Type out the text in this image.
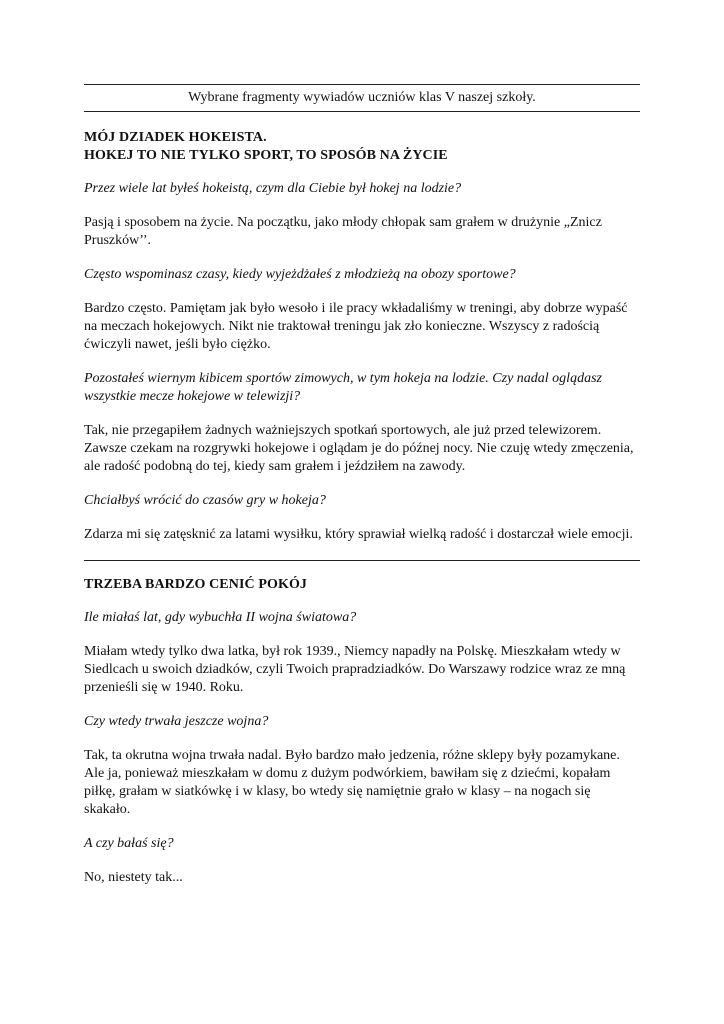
Wybrane fragmenty wywiadów uczniów klas V naszej szkoły.

MÓJ DZIADEK HOKEISTA.

HOKEJ TO NIE TYLKO SPORT, TO SPOSÓB NA ŻYCIE

Przez wiele lat byłeś hokeistą, czym dla Ciebie był hokej na lodzie?

Pasją i sposobem na życie. Na początku, jako młody chłopak sam grałem w drużynie „Znicz Pruszków’’.

Często wspominasz czasy, kiedy wyjeżdżałeś z młodzieżą na obozy sportowe?

Bardzo często. Pamiętam jak było wesoło i ile pracy wkładaliśmy w treningi, aby dobrze wypaść na meczach hokejowych. Nikt nie traktował treningu jak zło konieczne. Wszyscy z radością ćwiczyli nawet, jeśli było ciężko.

Pozostałeś wiernym kibicem sportów zimowych, w tym hokeja na lodzie. Czy nadal oglądasz wszystkie mecze hokejowe w telewizji?

Tak, nie przegapiłem żadnych ważniejszych spotkań sportowych, ale już przed telewizorem. Zawsze czekam na rozgrywki hokejowe i oglądam je do późnej nocy. Nie czuję wtedy zmęczenia, ale radość podobną do tej, kiedy sam grałem i jeździłem na zawody.

Chciałbyś wrócić do czasów gry w hokeja?

Zdarza mi się zatęsknić za latami wysiłku, który sprawiał wielką radość i dostarczał wiele emocji.

TRZEBA BARDZO CENIĆ POKÓJ

Ile miałaś lat, gdy wybuchła II wojna światowa?

Miałam wtedy tylko dwa latka, był rok 1939., Niemcy napadły na Polskę. Mieszkałam wtedy w Siedlcach u swoich dziadków, czyli Twoich prapradziadków. Do Warszawy rodzice wraz ze mną przenieśli się w 1940. Roku.

Czy wtedy trwała jeszcze wojna?

Tak, ta okrutna wojna trwała nadal. Było bardzo mało jedzenia, różne sklepy były pozamykane. Ale ja, ponieważ mieszkałam w domu z dużym podwórkiem, bawiłam się z dziećmi, kopałam piłkę, grałam w siatkówkę i w klasy, bo wtedy się namiętnie grało w klasy – na nogach się skakało.

A czy bałaś się?

No, niestety tak...
